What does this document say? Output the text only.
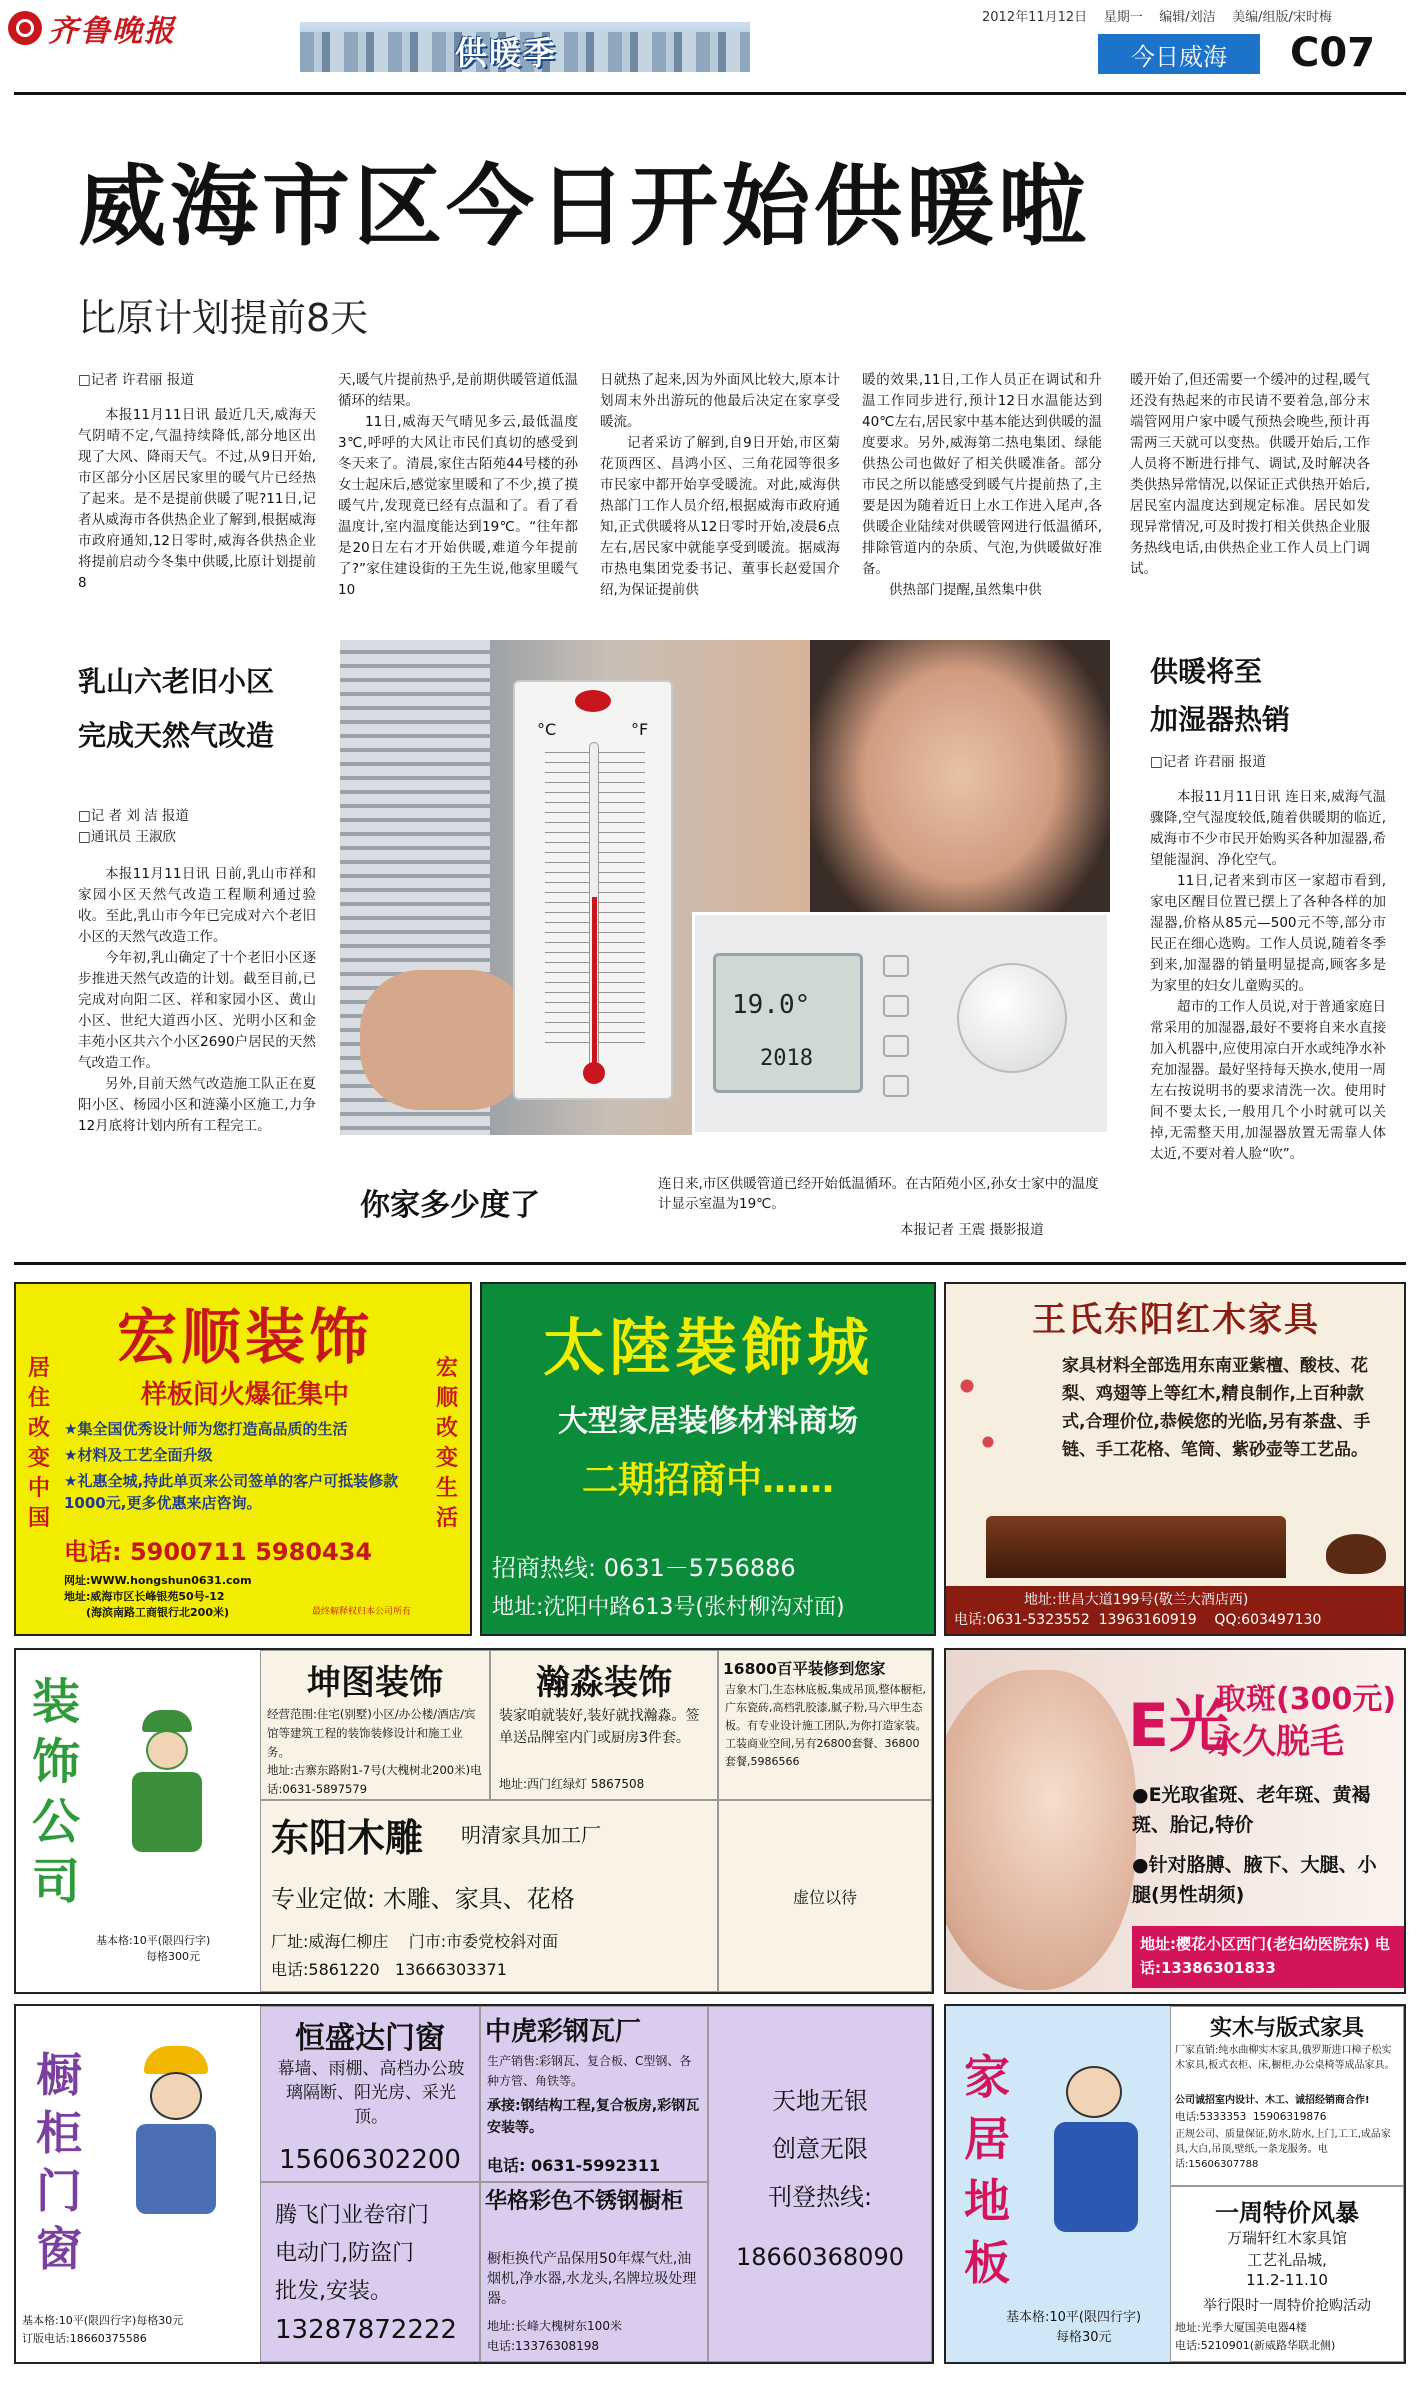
齐鲁晚报
供暖季
2012年11月12日    星期一    编辑/刘洁    美编/组版/宋时梅
今日威海 C07
威海市区今日开始供暖啦
比原计划提前8天

□记者 许君丽 报道

本报11月11日讯 最近几天,威海天气阴晴不定,气温持续降低,部分地区出现了大风、降雨天气。不过,从9日开始,市区部分小区居民家里的暖气片已经热了起来。是不是提前供暖了呢?11日,记者从威海市各供热企业了解到,根据威海市政府通知,12日零时,威海各供热企业将提前启动今冬集中供暖,比原计划提前8

天,暖气片提前热乎,是前期供暖管道低温循环的结果。

11日,威海天气晴见多云,最低温度3℃,呼呼的大风让市民们真切的感受到冬天来了。清晨,家住古陌苑44号楼的孙女士起床后,感觉家里暖和了不少,摸了摸暖气片,发现竟已经有点温和了。看了看温度计,室内温度能达到19℃。“往年都是20日左右才开始供暖,难道今年提前了?”家住建设街的王先生说,他家里暖气10

日就热了起来,因为外面风比较大,原本计划周末外出游玩的他最后决定在家享受暖流。

记者采访了解到,自9日开始,市区菊花顶西区、昌鸿小区、三角花园等很多市民家中都开始享受暖流。对此,威海供热部门工作人员介绍,根据威海市政府通知,正式供暖将从12日零时开始,凌晨6点左右,居民家中就能享受到暖流。据威海市热电集团党委书记、董事长赵爱国介绍,为保证提前供

暖的效果,11日,工作人员正在调试和升温工作同步进行,预计12日水温能达到40℃左右,居民家中基本能达到供暖的温度要求。另外,威海第二热电集团、绿能供热公司也做好了相关供暖准备。部分市民之所以能感受到暖气片提前热了,主要是因为随着近日上水工作进入尾声,各供暖企业陆续对供暖管网进行低温循环,排除管道内的杂质、气泡,为供暖做好准备。

供热部门提醒,虽然集中供

暖开始了,但还需要一个缓冲的过程,暖气还没有热起来的市民请不要着急,部分末端管网用户家中暖气预热会晚些,预计再需两三天就可以变热。供暖开始后,工作人员将不断进行排气、调试,及时解决各类供热异常情况,以保证正式供热开始后,居民室内温度达到规定标准。居民如发现异常情况,可及时拨打相关供热企业服务热线电话,由供热企业工作人员上门调试。

乳山六老旧小区
完成天然气改造

□记 者 刘 洁 报道

□通讯员 王淑欣

本报11月11日讯 日前,乳山市祥和家园小区天然气改造工程顺利通过验收。至此,乳山市今年已完成对六个老旧小区的天然气改造工作。

今年初,乳山确定了十个老旧小区逐步推进天然气改造的计划。截至目前,已完成对向阳二区、祥和家园小区、黄山小区、世纪大道西小区、光明小区和金丰苑小区共六个小区2690户居民的天然气改造工作。

另外,目前天然气改造施工队正在夏阳小区、杨园小区和涟藻小区施工,力争12月底将计划内所有工程完工。

°C	°F
19.0°
2018
你家多少度了
连日来,市区供暖管道已经开始低温循环。在古陌苑小区,孙女士家中的温度计显示室温为19℃。
本报记者 王震 摄影报道
供暖将至
加湿器热销

□记者 许君丽 报道

本报11月11日讯 连日来,威海气温骤降,空气湿度较低,随着供暖期的临近,威海市不少市民开始购买各种加湿器,希望能湿润、净化空气。

11日,记者来到市区一家超市看到,家电区醒目位置已摆上了各种各样的加湿器,价格从85元—500元不等,部分市民正在细心选购。工作人员说,随着冬季到来,加湿器的销量明显提高,顾客多是为家里的妇女儿童购买的。

超市的工作人员说,对于普通家庭日常采用的加湿器,最好不要将自来水直接加入机器中,应使用凉白开水或纯净水补充加湿器。最好坚持每天换水,使用一周左右按说明书的要求清洗一次。使用时间不要太长,一般用几个小时就可以关掉,无需整天用,加湿器放置无需靠人体太近,不要对着人脸“吹”。

居住改变中国
宏顺改变生活
宏顺装饰
样板间火爆征集中
★集全国优秀设计师为您打造高品质的生活
★材料及工艺全面升级
★礼惠全城,持此单页来公司签单的客户可抵装修款1000元,更多优惠来店咨询。
电话: 5900711 5980434
网址:WWW.hongshun0631.com
地址:威海市区长峰银苑50号-12
(海滨南路工商银行北200米)	最终解释权归本公司所有
太陸裝飾城
大型家居装修材料商场
二期招商中……
招商热线: 0631－5756886
地址:沈阳中路613号(张村柳沟对面)
王氏东阳红木家具
家具材料全部选用东南亚紫檀、酸枝、花梨、鸡翅等上等红木,精良制作,上百种款式,合理价位,恭候您的光临,另有茶盘、手链、手工花格、笔筒、紫砂壶等工艺品。
地址:世昌大道199号(敬兰大酒店西)
电话:0631-5323552  13963160919    QQ:603497130
装饰公司
基本格:10平(限四行字)
每格300元
坤图装饰
经营范围:住宅(别墅)小区/办公楼/酒店/宾馆等建筑工程的装饰装修设计和施工业务。
地址:古寨东路附1-7号(大槐树北200米)电话:0631-5897579
瀚淼装饰
装家咱就装好,装好就找瀚淼。签单送品牌室内门或厨房3件套。
地址:西门红绿灯 5867508
16800百平装修到您家
吉象木门,生态林底板,集成吊顶,整体橱柜,广东瓷砖,高档乳胶漆,腻子粉,马六甲生态板。有专业设计施工团队,为你打造家装。工装商业空间,另有26800套餐、36800套餐,5986566
东阳木雕 明清家具加工厂
专业定做: 木雕、家具、花格
厂址:威海仁柳庄    门市:市委党校斜对面
电话:5861220   13666303371
虚位以待
E光
取斑(300元)
永久脱毛
●E光取雀斑、老年斑、黄褐斑、胎记,特价
●针对胳膊、腋下、大腿、小腿(男性胡须)
地址:樱花小区西门(老妇幼医院东) 电话:13386301833
橱柜门窗
基本格:10平(限四行字)每格30元
订版电话:18660375586
恒盛达门窗
幕墙、雨棚、高档办公玻璃隔断、阳光房、采光顶。
15606302200
腾飞门业卷帘门
电动门,防盗门
批发,安装。
13287872222
中虎彩钢瓦厂
生产销售:彩钢瓦、复合板、C型钢、各种方管、角铁等。
承接:钢结构工程,复合板房,彩钢瓦安装等。
电话: 0631-5992311
华格彩色不锈钢橱柜
橱柜换代产品保用50年煤气灶,油烟机,净水器,水龙头,名牌垃圾处理器。
地址:长峰大槐树东100米
电话:13376308198
天地无银
创意无限
刊登热线:
18660368090
家居地板
基本格:10平(限四行字)
每格30元
实木与版式家具
厂家直销:纯水曲柳实木家具,俄罗斯进口樟子松实木家具,板式衣柜、床,橱柜,办公桌椅等成品家具。
公司诚招室内设计、木工、诚招经销商合作!
电话:5333353  15906319876
正规公司、质量保证,防水,防水,上门,工工,成品家具,大白,吊顶,壁纸,一条龙服务。电话:15606307788
一周特价风暴
万瑞轩红木家具馆
工艺礼品城,
11.2-11.10
举行限时一周特价抢购活动
地址:光季大厦国美电器4楼
电话:5210901(新威路华联北侧)
